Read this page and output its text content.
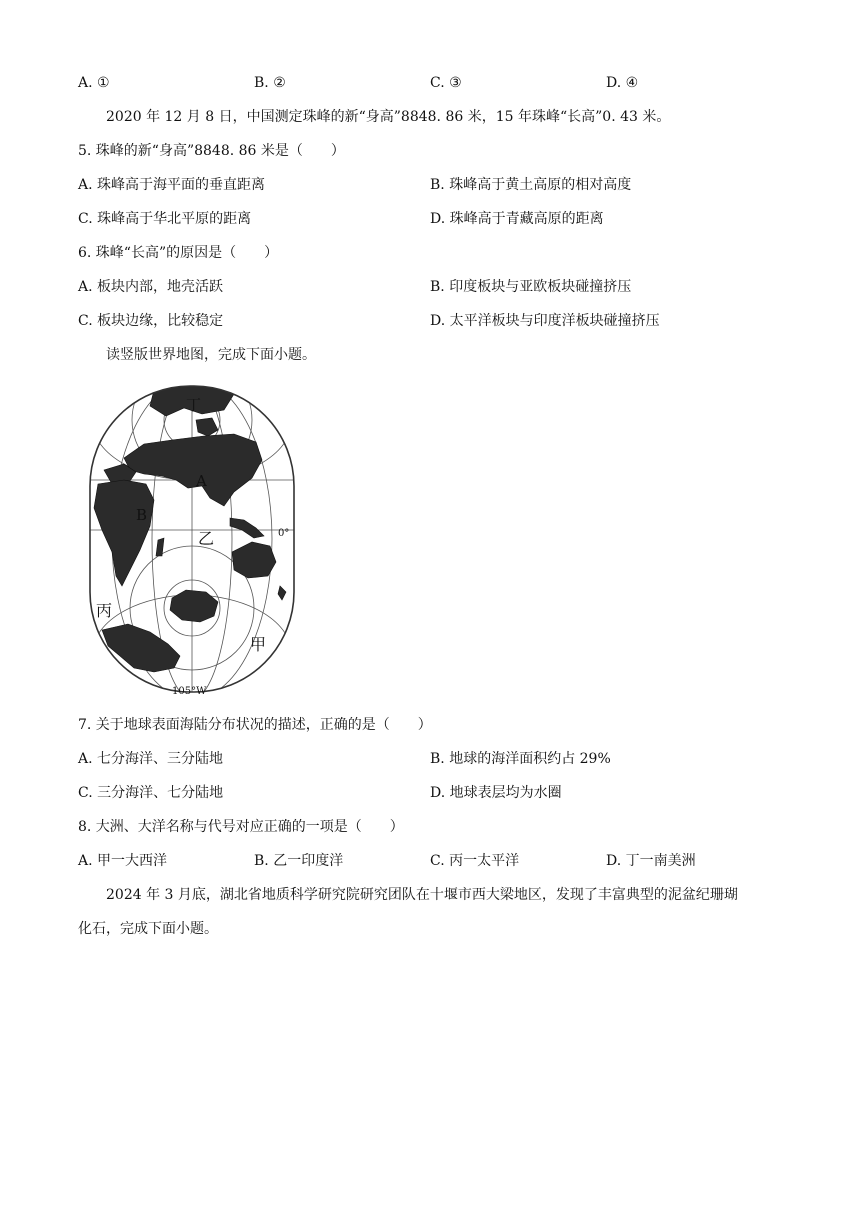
A. ①	B. ②	C. ③	D. ④
2020 年 12 月 8 日，中国测定珠峰的新“身高”8848. 86 米，15 年珠峰“长高”0. 43 米。
5. 珠峰的新“身高”8848. 86 米是（　　）
A. 珠峰高于海平面的垂直距离	B. 珠峰高于黄土高原的相对高度
C. 珠峰高于华北平原的距离	D. 珠峰高于青藏高原的距离
6. 珠峰“长高”的原因是（　　）
A. 板块内部，地壳活跃	B. 印度板块与亚欧板块碰撞挤压
C. 板块边缘，比较稳定	D. 太平洋板块与印度洋板块碰撞挤压
读竖版世界地图，完成下面小题。
丁
A
B
乙	0°
丙
甲
105°W
7. 关于地球表面海陆分布状况的描述，正确的是（　　）
A. 七分海洋、三分陆地	B. 地球的海洋面积约占 29%
C. 三分海洋、七分陆地	D. 地球表层均为水圈
8. 大洲、大洋名称与代号对应正确的一项是（　　）
A. 甲一大西洋	B. 乙一印度洋	C. 丙一太平洋	D. 丁一南美洲
2024 年 3 月底，湖北省地质科学研究院研究团队在十堰市西大梁地区，发现了丰富典型的泥盆纪珊瑚
化石，完成下面小题。
